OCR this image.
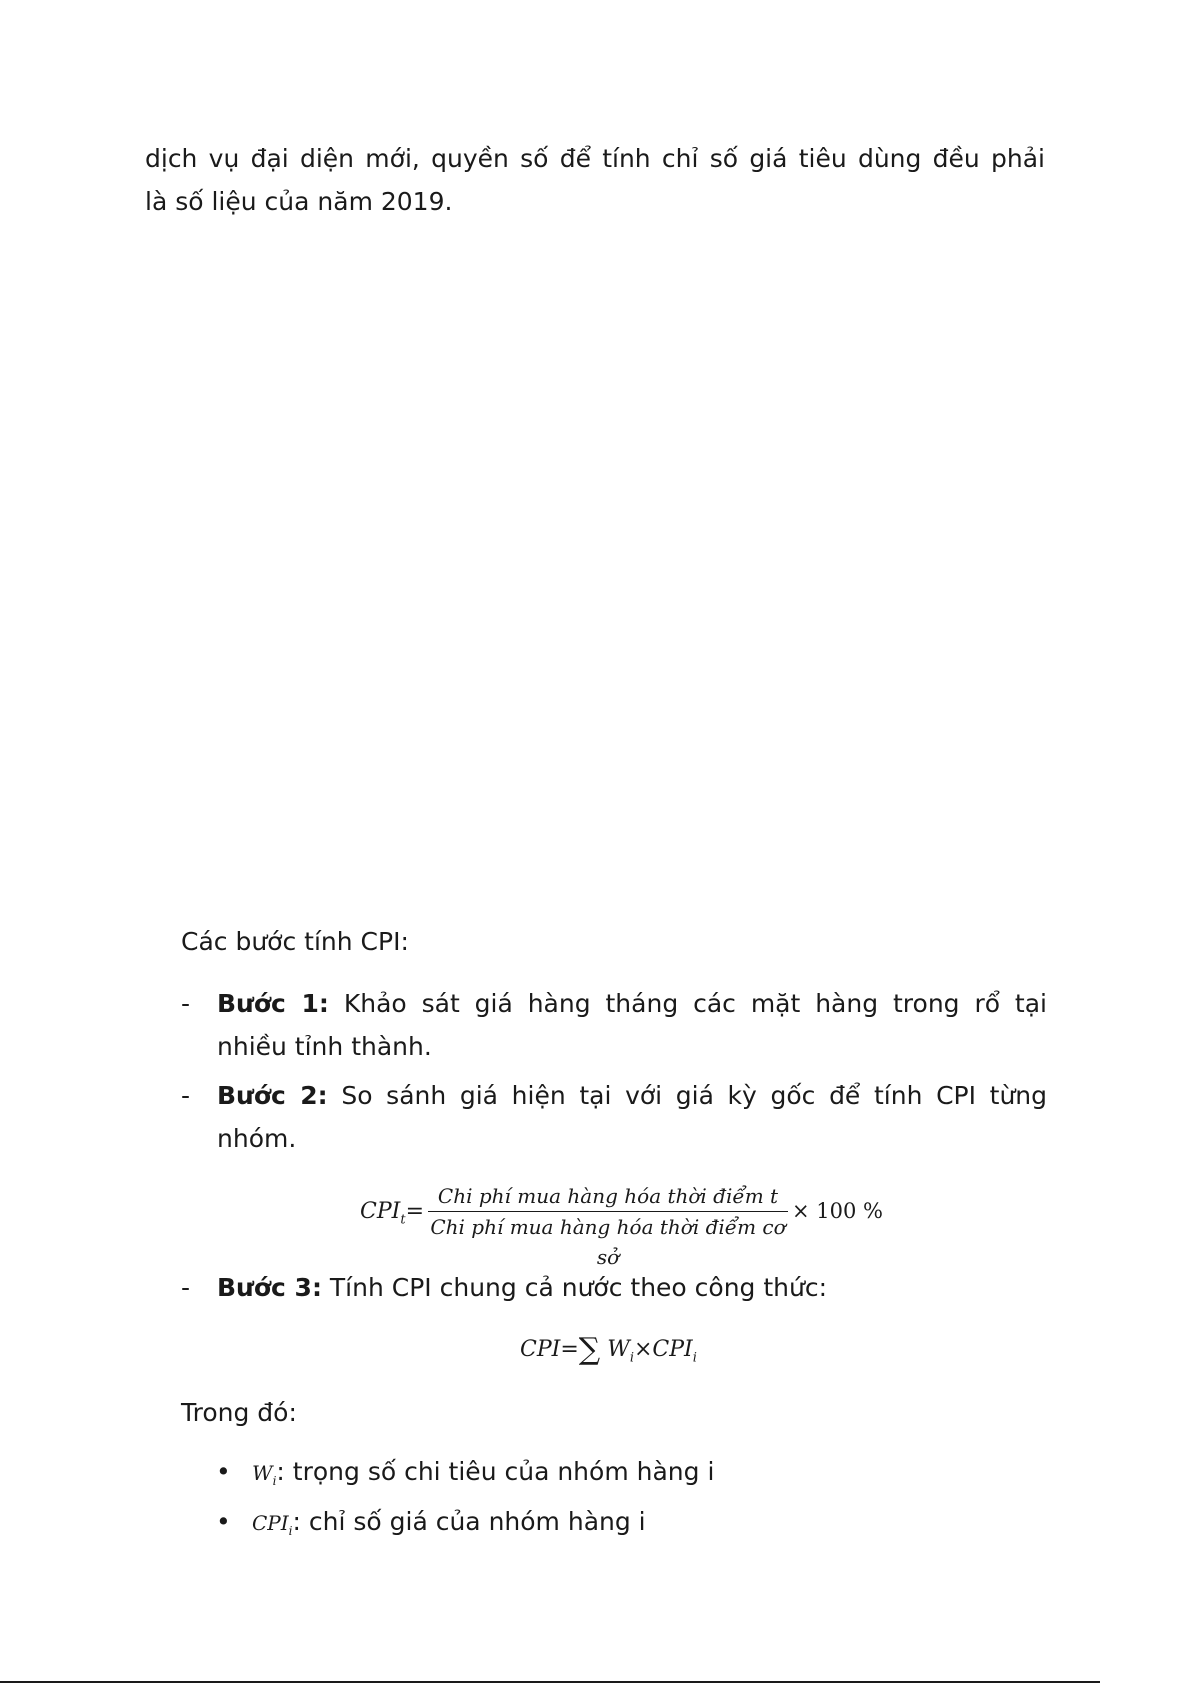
dịch vụ đại diện mới, quyền số để tính chỉ số giá tiêu dùng đều phải
là số liệu của năm 2019.

Các bước tính CPI:

- Bước 1: Khảo sát giá hàng tháng các mặt hàng trong rổ tại
nhiều tỉnh thành.
- Bước 2: So sánh giá hiện tại với giá kỳ gốc để tính CPI từng
nhóm.
$CPI_t=$
Chi phí mua hàng hóa thời điểm t
Chi phí mua hàng hóa thời điểm cơ sở
× 100 %
- Bước 3: Tính CPI chung cả nước theo công thức:
CPI=∑ $W_i\times CPI_i$

Trong đó:

• $W_i$: trọng số chi tiêu của nhóm hàng i
• $CPI_i$: chỉ số giá của nhóm hàng i
